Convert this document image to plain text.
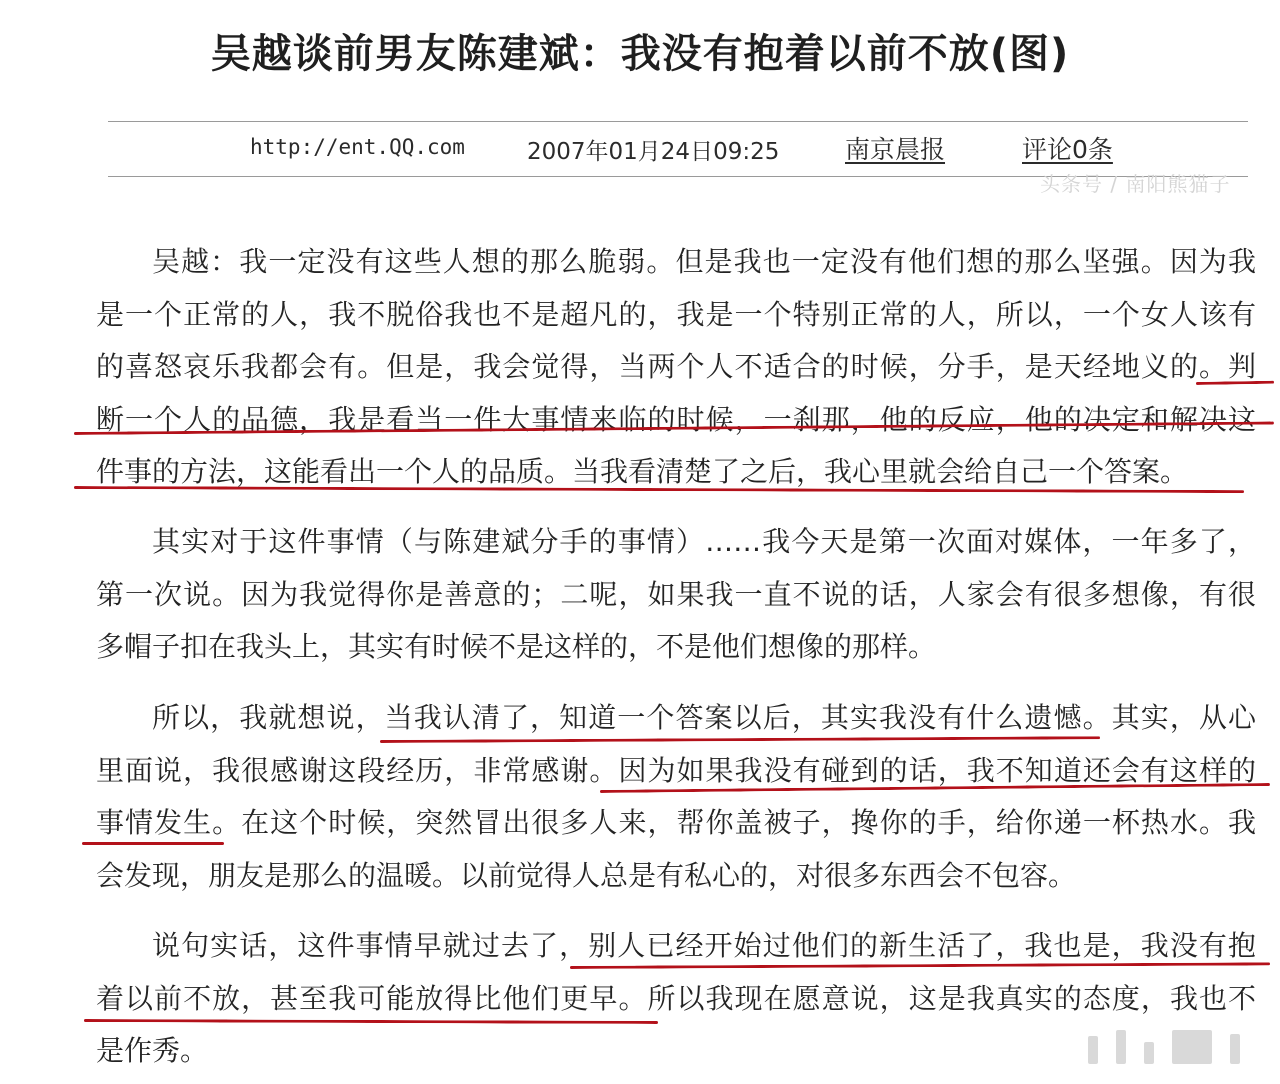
吴越谈前男友陈建斌：我没有抱着以前不放(图)
http://ent.QQ.com	2007年01月24日09:25	南京晨报	评论0条
头条号 / 南阳熊猫子
吴越：我一定没有这些人想的那么脆弱。但是我也一定没有他们想的那么坚强。因为我
是一个正常的人，我不脱俗我也不是超凡的，我是一个特别正常的人，所以，一个女人该有
的喜怒哀乐我都会有。但是，我会觉得，当两个人不适合的时候，分手，是天经地义的。判
断一个人的品德，我是看当一件大事情来临的时候，一刹那，他的反应，他的决定和解决这
件事的方法，这能看出一个人的品质。当我看清楚了之后，我心里就会给自己一个答案。
其实对于这件事情（与陈建斌分手的事情）……我今天是第一次面对媒体，一年多了，
第一次说。因为我觉得你是善意的；二呢，如果我一直不说的话，人家会有很多想像，有很
多帽子扣在我头上，其实有时候不是这样的，不是他们想像的那样。
所以，我就想说，当我认清了，知道一个答案以后，其实我没有什么遗憾。其实，从心
里面说，我很感谢这段经历，非常感谢。因为如果我没有碰到的话，我不知道还会有这样的
事情发生。在这个时候，突然冒出很多人来，帮你盖被子，搀你的手，给你递一杯热水。我
会发现，朋友是那么的温暖。以前觉得人总是有私心的，对很多东西会不包容。
说句实话，这件事情早就过去了，别人已经开始过他们的新生活了，我也是，我没有抱
着以前不放，甚至我可能放得比他们更早。所以我现在愿意说，这是我真实的态度，我也不
是作秀。
